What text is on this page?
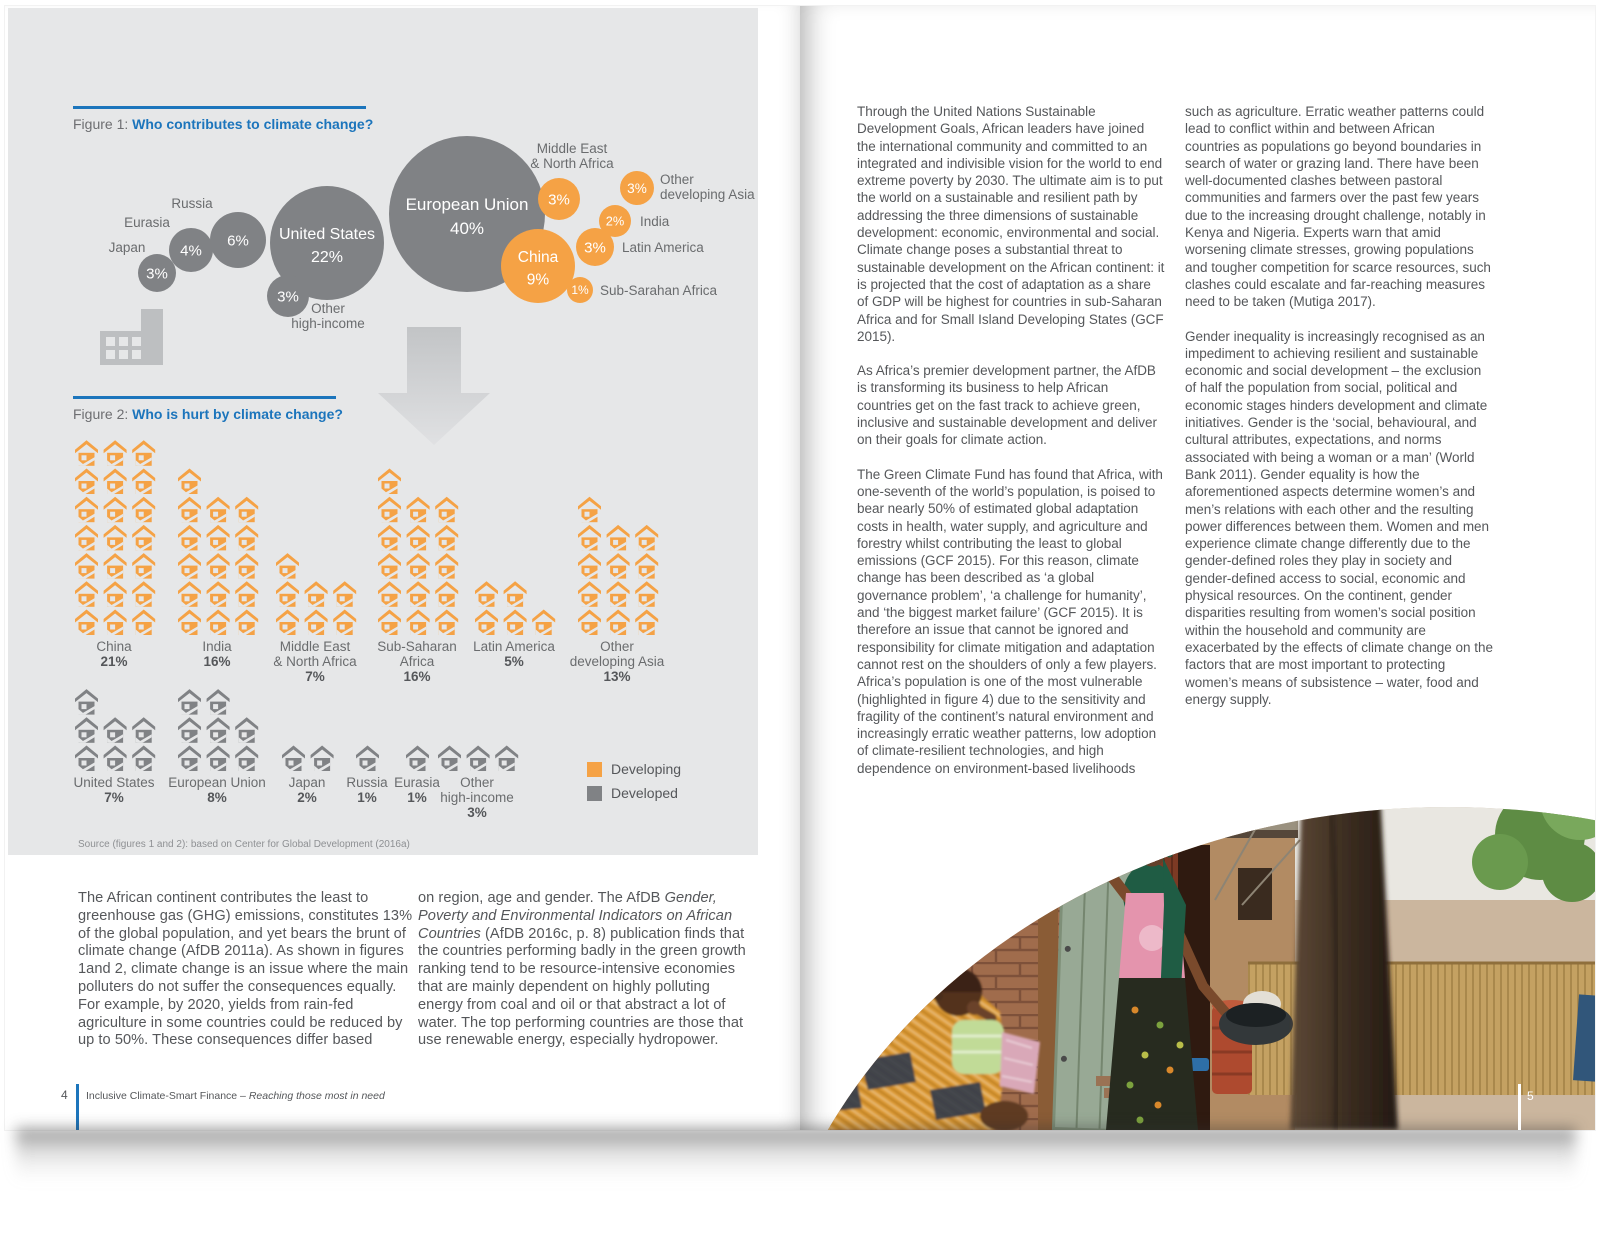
3%
Japan 4%
Eurasia
6%
Russia
United States
22%
3%
Other
high-income
European Union
40%
3%
Middle East
& North Africa
3%
Other
developing Asia
2% India
3% Latin America
China
9%
1% Sub-Sarahan Africa
China
21%
India
16%
Middle East
& North Africa
7%
Sub-Saharan
Africa
16%
Latin America
5%
Other
developing Asia
13%
United States
7%
European Union
8%
Japan
2%
Russia
1%
Eurasia
1%
Other
high-income
3%
Figure 1: Who contributes to climate change?
Figure 2: Who is hurt by climate change?
Developing
Developed
Source (figures 1 and 2): based on Center for Global Development (2016a)
The African continent contributes the least to greenhouse gas (GHG) emissions, constitutes 13% of the global population, and yet bears the brunt of climate change (AfDB 2011a). As shown in figures 1and 2, climate change is an issue where the main polluters do not suffer the consequences equally. For example, by 2020, yields from rain-fed agriculture in some countries could be reduced by up to 50%. These consequences differ based
on region, age and gender. The AfDB Gender, Poverty and Environmental Indicators on African Countries (AfDB 2016c, p. 8) publication finds that the countries performing badly in the green growth ranking tend to be resource-intensive economies that are mainly dependent on highly polluting energy from coal and oil or that abstract a lot of water. The top performing countries are those that use renewable energy, especially hydropower.
4 Inclusive Climate-Smart Finance – Reaching those most in need

Through the United Nations Sustainable Development Goals, African leaders have joined the international community and committed to an integrated and indivisible vision for the world to end extreme poverty by 2030. The ultimate aim is to put the world on a sustainable and resilient path by addressing the three dimensions of sustainable development: economic, environmental and social. Climate change poses a substantial threat to sustainable development on the African continent: it is projected that the cost of adaptation as a share of GDP will be highest for countries in sub-Saharan Africa and for Small Island Developing States (GCF 2015).

As Africa’s premier development partner, the AfDB is transforming its business to help African countries get on the fast track to achieve green, inclusive and sustainable development and deliver on their goals for climate action.

The Green Climate Fund has found that Africa, with one-seventh of the world’s population, is poised to bear nearly 50% of estimated global adaptation costs in health, water supply, and agriculture and forestry whilst contributing the least to global emissions (GCF 2015). For this reason, climate change has been described as ‘a global governance problem’, ‘a challenge for humanity’, and ‘the biggest market failure’ (GCF 2015). It is therefore an issue that cannot be ignored and responsibility for climate mitigation and adaptation cannot rest on the shoulders of only a few players. Africa’s population is one of the most vulnerable (highlighted in figure 4) due to the sensitivity and fragility of the continent’s natural environment and increasingly erratic weather patterns, low adoption of climate-resilient technologies, and high dependence on environment-based livelihoods

such as agriculture. Erratic weather patterns could lead to conflict within and between African countries as populations go beyond boundaries in search of water or grazing land. There have been well-documented clashes between pastoral communities and farmers over the past few years due to the increasing drought challenge, notably in Kenya and Nigeria. Experts warn that amid worsening climate stresses, growing populations and tougher competition for scarce resources, such clashes could escalate and far-reaching measures need to be taken (Mutiga 2017).

Gender inequality is increasingly recognised as an impediment to achieving resilient and sustainable economic and social development – the exclusion of half the population from social, political and economic stages hinders development and climate initiatives. Gender is the ‘social, behavioural, and cultural attributes, expectations, and norms associated with being a woman or a man’ (World Bank 2011). Gender equality is how the aforementioned aspects determine women’s and men’s relations with each other and the resulting power differences between them. Women and men experience climate change differently due to the gender-defined roles they play in society and gender-defined access to social, economic and physical resources. On the continent, gender disparities resulting from women’s social position within the household and community are exacerbated by the effects of climate change on the factors that are most important to protecting women’s means of subsistence – water, food and energy supply.

5
